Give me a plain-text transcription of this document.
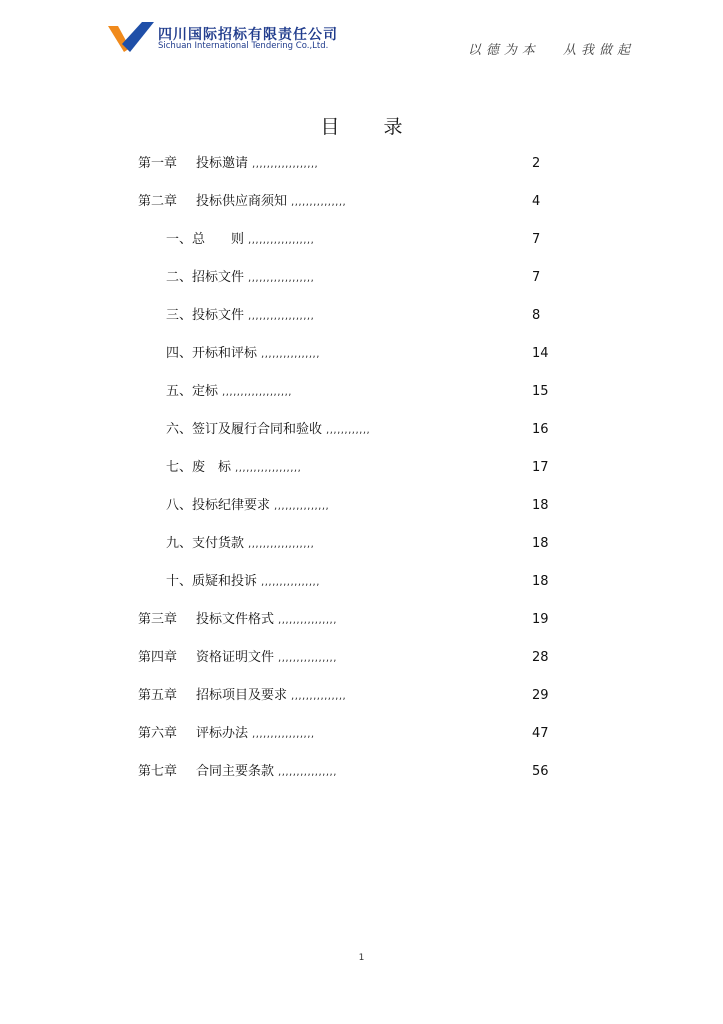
四川国际招标有限责任公司
Sichuan International Tendering Co.,Ltd.	以德为本 从我做起
目录
第一章 投标邀请 ,,,,,,,,,,,,,,,,,,	2
第二章 投标供应商须知 ,,,,,,,,,,,,,,,	4
一、总　　则 ,,,,,,,,,,,,,,,,,,	7
二、招标文件 ,,,,,,,,,,,,,,,,,,	7
三、投标文件 ,,,,,,,,,,,,,,,,,,	8
四、开标和评标 ,,,,,,,,,,,,,,,,	14
五、定标 ,,,,,,,,,,,,,,,,,,,	15
六、签订及履行合同和验收 ,,,,,,,,,,,,	16
七、废　标 ,,,,,,,,,,,,,,,,,,	17
八、投标纪律要求 ,,,,,,,,,,,,,,,	18
九、支付货款 ,,,,,,,,,,,,,,,,,,	18
十、质疑和投诉 ,,,,,,,,,,,,,,,,	18
第三章 投标文件格式 ,,,,,,,,,,,,,,,,	19
第四章 资格证明文件 ,,,,,,,,,,,,,,,,	28
第五章 招标项目及要求 ,,,,,,,,,,,,,,,	29
第六章 评标办法 ,,,,,,,,,,,,,,,,,	47
第七章 合同主要条款 ,,,,,,,,,,,,,,,,	56
1
